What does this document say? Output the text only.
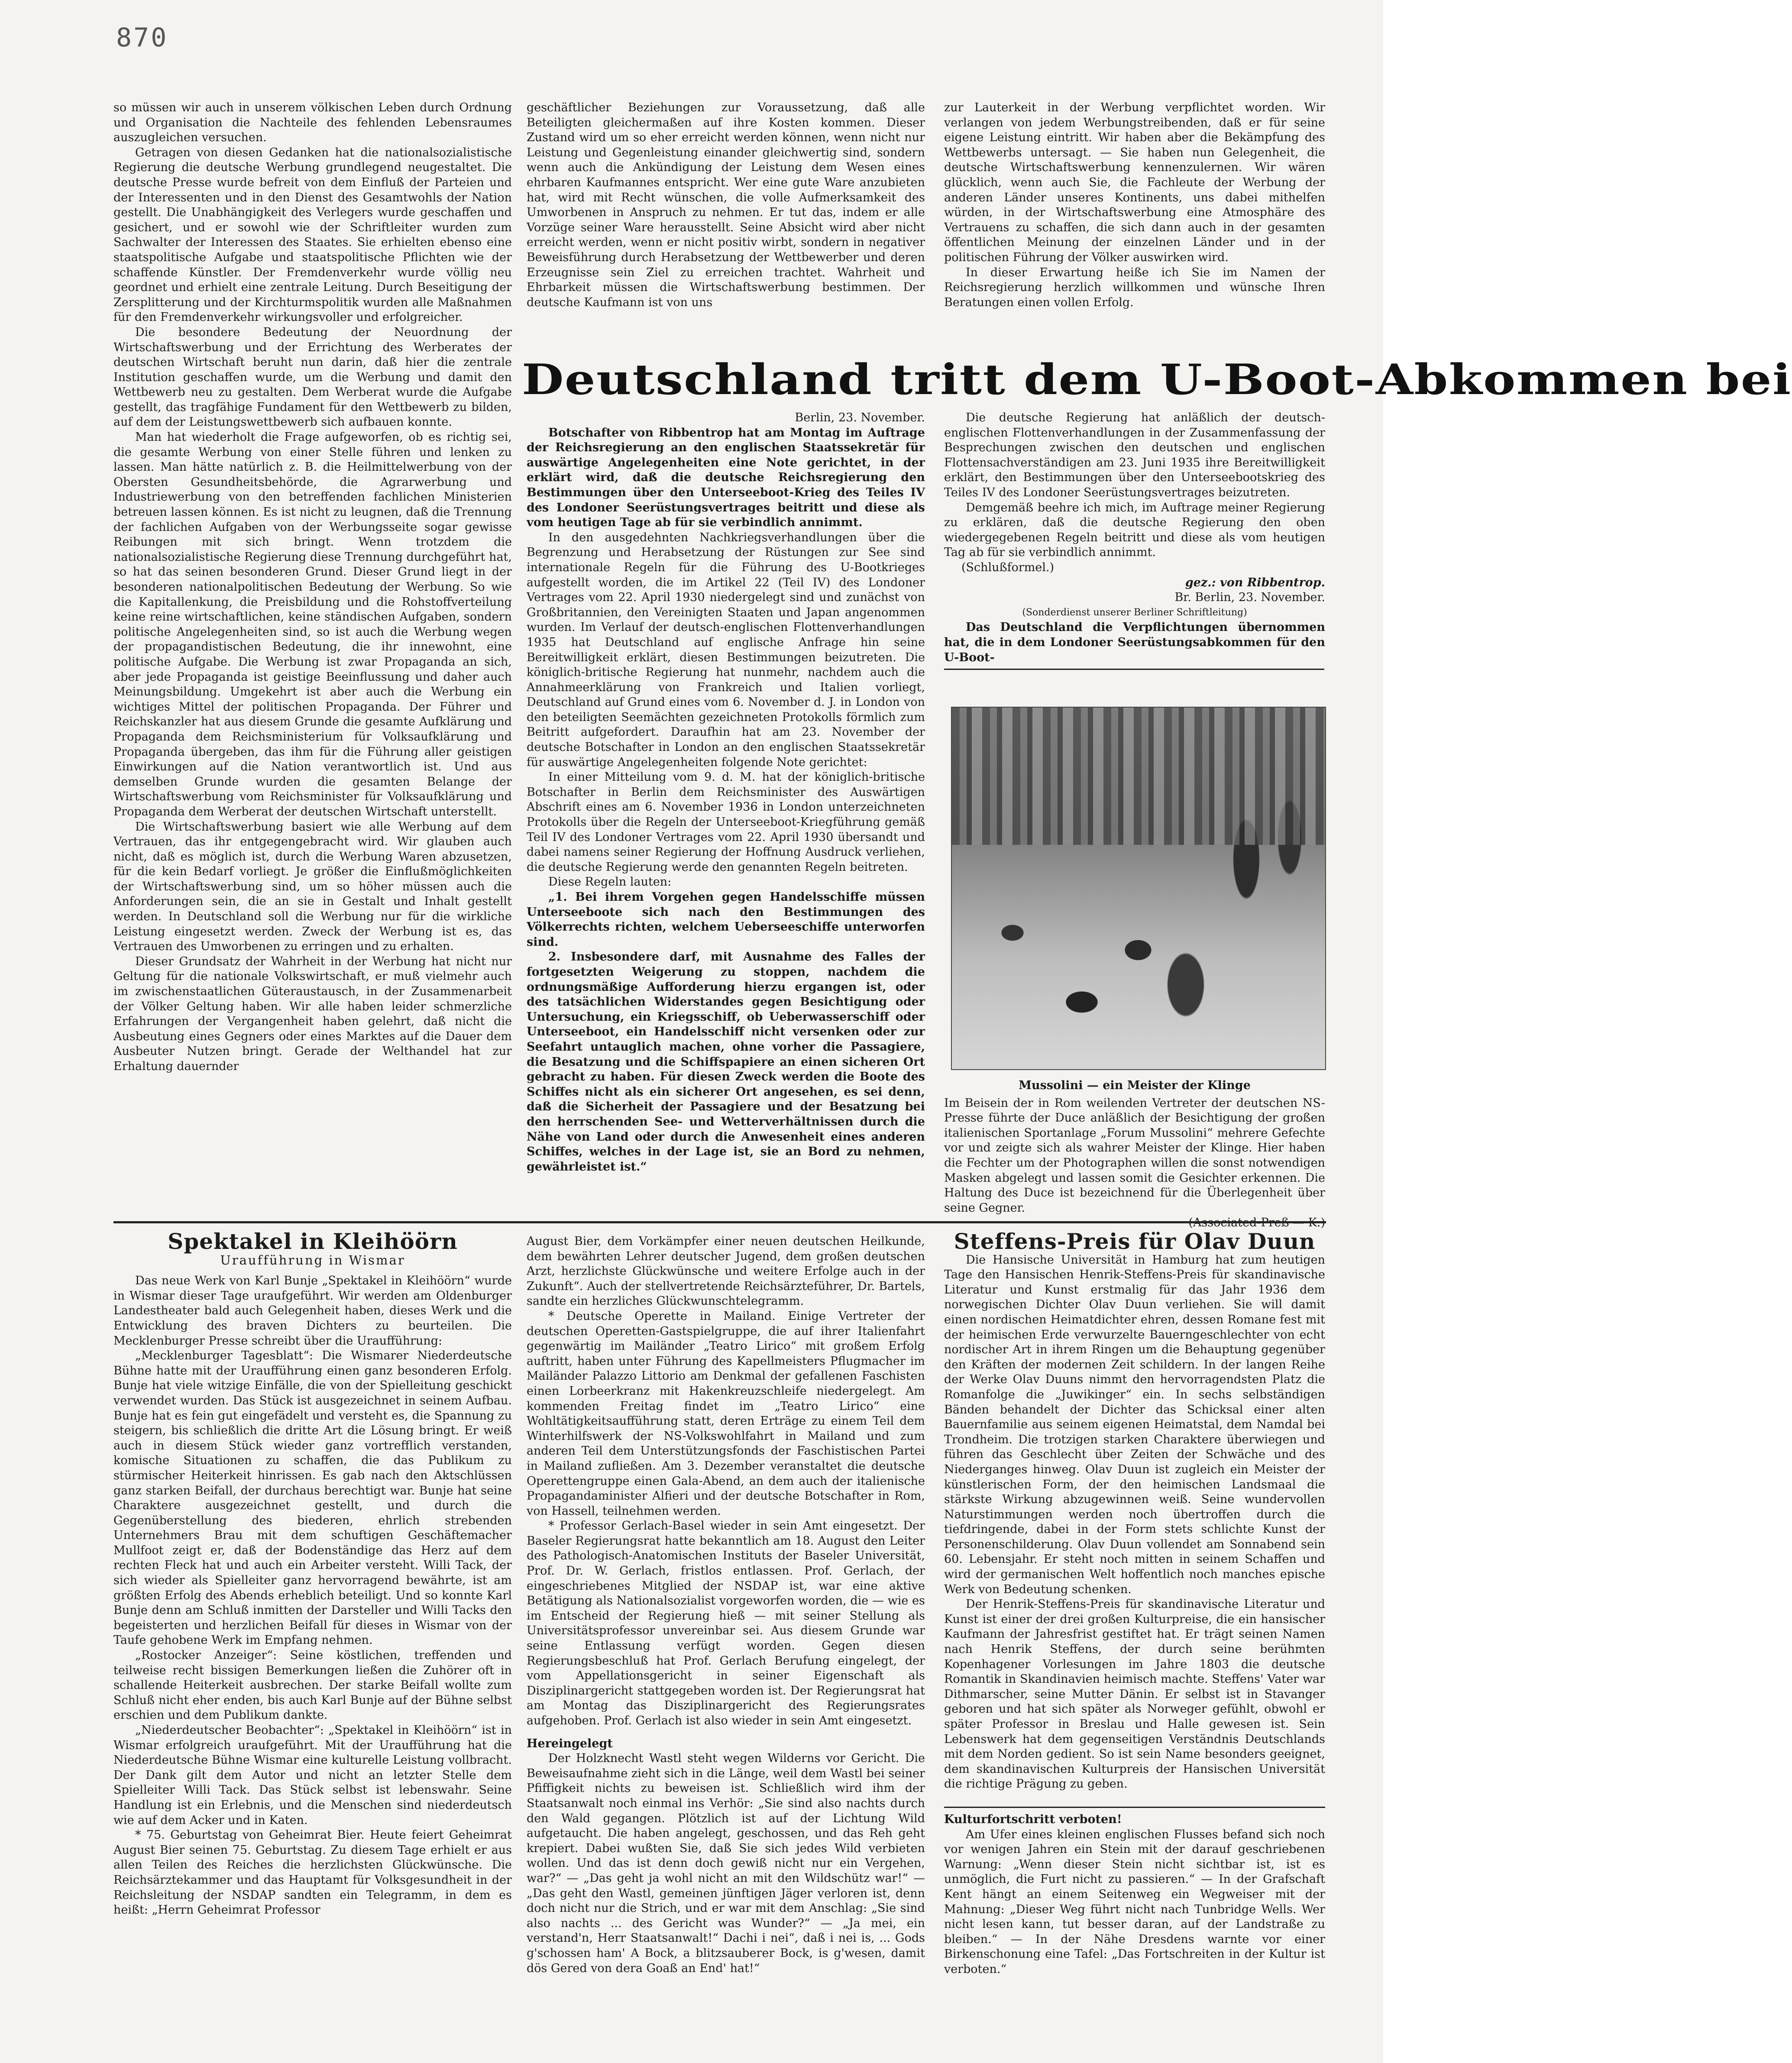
870

so müssen wir auch in unserem völkischen Leben durch Ordnung und Organisation die Nachteile des fehlenden Lebensraumes auszugleichen versuchen.

Getragen von diesen Gedanken hat die nationalsozialistische Regierung die deutsche Werbung grundlegend neugestaltet. Die deutsche Presse wurde befreit von dem Einfluß der Parteien und der Interessenten und in den Dienst des Gesamtwohls der Nation gestellt. Die Unabhängigkeit des Verlegers wurde geschaffen und gesichert, und er sowohl wie der Schriftleiter wurden zum Sachwalter der Interessen des Staates. Sie erhielten ebenso eine staatspolitische Aufgabe und staatspolitische Pflichten wie der schaffende Künstler. Der Fremdenverkehr wurde völlig neu geordnet und erhielt eine zentrale Leitung. Durch Beseitigung der Zersplitterung und der Kirchturmspolitik wurden alle Maßnahmen für den Fremdenverkehr wirkungsvoller und erfolgreicher.

Die besondere Bedeutung der Neuordnung der Wirtschaftswerbung und der Errichtung des Werberates der deutschen Wirtschaft beruht nun darin, daß hier die zentrale Institution geschaffen wurde, um die Werbung und damit den Wettbewerb neu zu gestalten. Dem Werberat wurde die Aufgabe gestellt, das tragfähige Fundament für den Wettbewerb zu bilden, auf dem der Leistungswettbewerb sich aufbauen konnte.

Man hat wiederholt die Frage aufgeworfen, ob es richtig sei, die gesamte Werbung von einer Stelle führen und lenken zu lassen. Man hätte natürlich z. B. die Heilmittelwerbung von der Obersten Gesundheitsbehörde, die Agrarwerbung und Industriewerbung von den betreffenden fachlichen Ministerien betreuen lassen können. Es ist nicht zu leugnen, daß die Trennung der fachlichen Aufgaben von der Werbungsseite sogar gewisse Reibungen mit sich bringt. Wenn trotzdem die nationalsozialistische Regierung diese Trennung durchgeführt hat, so hat das seinen besonderen Grund. Dieser Grund liegt in der besonderen nationalpolitischen Bedeutung der Werbung. So wie die Kapitallenkung, die Preisbildung und die Rohstoffverteilung keine reine wirtschaftlichen, keine ständischen Aufgaben, sondern politische Angelegenheiten sind, so ist auch die Werbung wegen der propagandistischen Bedeutung, die ihr innewohnt, eine politische Aufgabe. Die Werbung ist zwar Propaganda an sich, aber jede Propaganda ist geistige Beeinflussung und daher auch Meinungsbildung. Umgekehrt ist aber auch die Werbung ein wichtiges Mittel der politischen Propaganda. Der Führer und Reichskanzler hat aus diesem Grunde die gesamte Aufklärung und Propaganda dem Reichsministerium für Volksaufklärung und Propaganda übergeben, das ihm für die Führung aller geistigen Einwirkungen auf die Nation verantwortlich ist. Und aus demselben Grunde wurden die gesamten Belange der Wirtschaftswerbung vom Reichsminister für Volksaufklärung und Propaganda dem Werberat der deutschen Wirtschaft unterstellt.

Die Wirtschaftswerbung basiert wie alle Werbung auf dem Vertrauen, das ihr entgegengebracht wird. Wir glauben auch nicht, daß es möglich ist, durch die Werbung Waren abzusetzen, für die kein Bedarf vorliegt. Je größer die Einflußmöglichkeiten der Wirtschaftswerbung sind, um so höher müssen auch die Anforderungen sein, die an sie in Gestalt und Inhalt gestellt werden. In Deutschland soll die Werbung nur für die wirkliche Leistung eingesetzt werden. Zweck der Werbung ist es, das Vertrauen des Umworbenen zu erringen und zu erhalten.

Dieser Grundsatz der Wahrheit in der Werbung hat nicht nur Geltung für die nationale Volkswirtschaft, er muß vielmehr auch im zwischenstaatlichen Güteraustausch, in der Zusammenarbeit der Völker Geltung haben. Wir alle haben leider schmerzliche Erfahrungen der Vergangenheit haben gelehrt, daß nicht die Ausbeutung eines Gegners oder eines Marktes auf die Dauer dem Ausbeuter Nutzen bringt. Gerade der Welthandel hat zur Erhaltung dauernder

geschäftlicher Beziehungen zur Voraussetzung, daß alle Beteiligten gleichermaßen auf ihre Kosten kommen. Dieser Zustand wird um so eher erreicht werden können, wenn nicht nur Leistung und Gegenleistung einander gleichwertig sind, sondern wenn auch die Ankündigung der Leistung dem Wesen eines ehrbaren Kaufmannes entspricht. Wer eine gute Ware anzubieten hat, wird mit Recht wünschen, die volle Aufmerksamkeit des Umworbenen in Anspruch zu nehmen. Er tut das, indem er alle Vorzüge seiner Ware herausstellt. Seine Absicht wird aber nicht erreicht werden, wenn er nicht positiv wirbt, sondern in negativer Beweisführung durch Herabsetzung der Wettbewerber und deren Erzeugnisse sein Ziel zu erreichen trachtet. Wahrheit und Ehrbarkeit müssen die Wirtschaftswerbung bestimmen. Der deutsche Kaufmann ist von uns

zur Lauterkeit in der Werbung verpflichtet worden. Wir verlangen von jedem Werbungstreibenden, daß er für seine eigene Leistung eintritt. Wir haben aber die Bekämpfung des Wettbewerbs untersagt. — Sie haben nun Gelegenheit, die deutsche Wirtschaftswerbung kennenzulernen. Wir wären glücklich, wenn auch Sie, die Fachleute der Werbung der anderen Länder unseres Kontinents, uns dabei mithelfen würden, in der Wirtschaftswerbung eine Atmosphäre des Vertrauens zu schaffen, die sich dann auch in der gesamten öffentlichen Meinung der einzelnen Länder und in der politischen Führung der Völker auswirken wird.

In dieser Erwartung heiße ich Sie im Namen der Reichsregierung herzlich willkommen und wünsche Ihren Beratungen einen vollen Erfolg.

Deutschland tritt dem U-Boot-Abkommen bei
Berlin, 23. November.

Botschafter von Ribbentrop hat am Montag im Auftrage der Reichsregierung an den englischen Staatssekretär für auswärtige Angelegenheiten eine Note gerichtet, in der erklärt wird, daß die deutsche Reichsregierung den Bestimmungen über den Unterseeboot-Krieg des Teiles IV des Londoner Seerüstungsvertrages beitritt und diese als vom heutigen Tage ab für sie verbindlich annimmt.

In den ausgedehnten Nachkriegsverhandlungen über die Begrenzung und Herabsetzung der Rüstungen zur See sind internationale Regeln für die Führung des U-Bootkrieges aufgestellt worden, die im Artikel 22 (Teil IV) des Londoner Vertrages vom 22. April 1930 niedergelegt sind und zunächst von Großbritannien, den Vereinigten Staaten und Japan angenommen wurden. Im Verlauf der deutsch-englischen Flottenverhandlungen 1935 hat Deutschland auf englische Anfrage hin seine Bereitwilligkeit erklärt, diesen Bestimmungen beizutreten. Die königlich-britische Regierung hat nunmehr, nachdem auch die Annahmeerklärung von Frankreich und Italien vorliegt, Deutschland auf Grund eines vom 6. November d. J. in London von den beteiligten Seemächten gezeichneten Protokolls förmlich zum Beitritt aufgefordert. Daraufhin hat am 23. November der deutsche Botschafter in London an den englischen Staatssekretär für auswärtige Angelegenheiten folgende Note gerichtet:

In einer Mitteilung vom 9. d. M. hat der königlich-britische Botschafter in Berlin dem Reichsminister des Auswärtigen Abschrift eines am 6. November 1936 in London unterzeichneten Protokolls über die Regeln der Unterseeboot-Kriegführung gemäß Teil IV des Londoner Vertrages vom 22. April 1930 übersandt und dabei namens seiner Regierung der Hoffnung Ausdruck verliehen, die deutsche Regierung werde den genannten Regeln beitreten.

Diese Regeln lauten:

„1. Bei ihrem Vorgehen gegen Handelsschiffe müssen Unterseeboote sich nach den Bestimmungen des Völkerrechts richten, welchem Ueberseeschiffe unterworfen sind.

2. Insbesondere darf, mit Ausnahme des Falles der fortgesetzten Weigerung zu stoppen, nachdem die ordnungsmäßige Aufforderung hierzu ergangen ist, oder des tatsächlichen Widerstandes gegen Besichtigung oder Untersuchung, ein Kriegsschiff, ob Ueberwasserschiff oder Unterseeboot, ein Handelsschiff nicht versenken oder zur Seefahrt untauglich machen, ohne vorher die Passagiere, die Besatzung und die Schiffspapiere an einen sicheren Ort gebracht zu haben. Für diesen Zweck werden die Boote des Schiffes nicht als ein sicherer Ort angesehen, es sei denn, daß die Sicherheit der Passagiere und der Besatzung bei den herrschenden See- und Wetterverhältnissen durch die Nähe von Land oder durch die Anwesenheit eines anderen Schiffes, welches in der Lage ist, sie an Bord zu nehmen, gewährleistet ist.“

Die deutsche Regierung hat anläßlich der deutsch-englischen Flottenverhandlungen in der Zusammenfassung der Besprechungen zwischen den deutschen und englischen Flottensachverständigen am 23. Juni 1935 ihre Bereitwilligkeit erklärt, den Bestimmungen über den Unterseebootskrieg des Teiles IV des Londoner Seerüstungsvertrages beizutreten.

Demgemäß beehre ich mich, im Auftrage meiner Regierung zu erklären, daß die deutsche Regierung den oben wiedergegebenen Regeln beitritt und diese als vom heutigen Tag ab für sie verbindlich annimmt.

(Schlußformel.)
gez.: von Ribbentrop.
Br. Berlin, 23. November.
(Sonderdienst unserer Berliner Schriftleitung)

Das Deutschland die Verpflichtungen übernommen hat, die in dem Londoner Seerüstungsabkommen für den U-Boot-

Mussolini — ein Meister der Klinge
Im Beisein der in Rom weilenden Vertreter der deutschen NS-Presse führte der Duce anläßlich der Besichtigung der großen italienischen Sportanlage „Forum Mussolini“ mehrere Gefechte vor und zeigte sich als wahrer Meister der Klinge. Hier haben die Fechter um der Photographen willen die sonst notwendigen Masken abgelegt und lassen somit die Gesichter erkennen. Die Haltung des Duce ist bezeichnend für die Überlegenheit über seine Gegner.
Spektakel in Kleihöörn
Uraufführung in Wismar

Das neue Werk von Karl Bunje „Spektakel in Kleihöörn“ wurde in Wismar dieser Tage uraufgeführt. Wir werden am Oldenburger Landestheater bald auch Gelegenheit haben, dieses Werk und die Entwicklung des braven Dichters zu beurteilen. Die Mecklenburger Presse schreibt über die Uraufführung:

„Mecklenburger Tagesblatt“: Die Wismarer Niederdeutsche Bühne hatte mit der Uraufführung einen ganz besonderen Erfolg. Bunje hat viele witzige Einfälle, die von der Spielleitung geschickt verwendet wurden. Das Stück ist ausgezeichnet in seinem Aufbau. Bunje hat es fein gut eingefädelt und versteht es, die Spannung zu steigern, bis schließlich die dritte Art die Lösung bringt. Er weiß auch in diesem Stück wieder ganz vortrefflich verstanden, komische Situationen zu schaffen, die das Publikum zu stürmischer Heiterkeit hinrissen. Es gab nach den Aktschlüssen ganz starken Beifall, der durchaus berechtigt war. Bunje hat seine Charaktere ausgezeichnet gestellt, und durch die Gegenüberstellung des biederen, ehrlich strebenden Unternehmers Brau mit dem schuftigen Geschäftemacher Mullfoot zeigt er, daß der Bodenständige das Herz auf dem rechten Fleck hat und auch ein Arbeiter versteht. Willi Tack, der sich wieder als Spielleiter ganz hervorragend bewährte, ist am größten Erfolg des Abends erheblich beteiligt. Und so konnte Karl Bunje denn am Schluß inmitten der Darsteller und Willi Tacks den begeisterten und herzlichen Beifall für dieses in Wismar von der Taufe gehobene Werk im Empfang nehmen.

„Rostocker Anzeiger“: Seine köstlichen, treffenden und teilweise recht bissigen Bemerkungen ließen die Zuhörer oft in schallende Heiterkeit ausbrechen. Der starke Beifall wollte zum Schluß nicht eher enden, bis auch Karl Bunje auf der Bühne selbst erschien und dem Publikum dankte.

„Niederdeutscher Beobachter“: „Spektakel in Kleihöörn“ ist in Wismar erfolgreich uraufgeführt. Mit der Uraufführung hat die Niederdeutsche Bühne Wismar eine kulturelle Leistung vollbracht. Der Dank gilt dem Autor und nicht an letzter Stelle dem Spielleiter Willi Tack. Das Stück selbst ist lebenswahr. Seine Handlung ist ein Erlebnis, und die Menschen sind niederdeutsch wie auf dem Acker und in Katen.

* 75. Geburtstag von Geheimrat Bier. Heute feiert Geheimrat August Bier seinen 75. Geburtstag. Zu diesem Tage erhielt er aus allen Teilen des Reiches die herzlichsten Glückwünsche. Die Reichsärztekammer und das Hauptamt für Volksgesundheit in der Reichsleitung der NSDAP sandten ein Telegramm, in dem es heißt: „Herrn Geheimrat Professor

August Bier, dem Vorkämpfer einer neuen deutschen Heilkunde, dem bewährten Lehrer deutscher Jugend, dem großen deutschen Arzt, herzlichste Glückwünsche und weitere Erfolge auch in der Zukunft“. Auch der stellvertretende Reichsärzteführer, Dr. Bartels, sandte ein herzliches Glückwunschtelegramm.

* Deutsche Operette in Mailand. Einige Vertreter der deutschen Operetten-Gastspielgruppe, die auf ihrer Italienfahrt gegenwärtig im Mailänder „Teatro Lirico“ mit großem Erfolg auftritt, haben unter Führung des Kapellmeisters Pflugmacher im Mailänder Palazzo Littorio am Denkmal der gefallenen Faschisten einen Lorbeerkranz mit Hakenkreuzschleife niedergelegt. Am kommenden Freitag findet im „Teatro Lirico“ eine Wohltätigkeitsaufführung statt, deren Erträge zu einem Teil dem Winterhilfswerk der NS-Volkswohlfahrt in Mailand und zum anderen Teil dem Unterstützungsfonds der Faschistischen Partei in Mailand zufließen. Am 3. Dezember veranstaltet die deutsche Operettengruppe einen Gala-Abend, an dem auch der italienische Propagandaminister Alfieri und der deutsche Botschafter in Rom, von Hassell, teilnehmen werden.

* Professor Gerlach-Basel wieder in sein Amt eingesetzt. Der Baseler Regierungsrat hatte bekanntlich am 18. August den Leiter des Pathologisch-Anatomischen Instituts der Baseler Universität, Prof. Dr. W. Gerlach, fristlos entlassen. Prof. Gerlach, der eingeschriebenes Mitglied der NSDAP ist, war eine aktive Betätigung als Nationalsozialist vorgeworfen worden, die — wie es im Entscheid der Regierung hieß — mit seiner Stellung als Universitätsprofessor unvereinbar sei. Aus diesem Grunde war seine Entlassung verfügt worden. Gegen diesen Regierungsbeschluß hat Prof. Gerlach Berufung eingelegt, der vom Appellationsgericht in seiner Eigenschaft als Disziplinargericht stattgegeben worden ist. Der Regierungsrat hat am Montag das Disziplinargericht des Regierungsrates aufgehoben. Prof. Gerlach ist also wieder in sein Amt eingesetzt.

Hereingelegt

Der Holzknecht Wastl steht wegen Wilderns vor Gericht. Die Beweisaufnahme zieht sich in die Länge, weil dem Wastl bei seiner Pfiffigkeit nichts zu beweisen ist. Schließlich wird ihm der Staatsanwalt noch einmal ins Verhör: „Sie sind also nachts durch den Wald gegangen. Plötzlich ist auf der Lichtung Wild aufgetaucht. Die haben angelegt, geschossen, und das Reh geht krepiert. Dabei wußten Sie, daß Sie sich jedes Wild verbieten wollen. Und das ist denn doch gewiß nicht nur ein Vergehen, war?“ — „Das geht ja wohl nicht an mit den Wildschütz war!“ — „Das geht den Wastl, gemeinen jünftigen Jäger verloren ist, denn doch nicht nur die Strich, und er war mit dem Anschlag: „Sie sind also nachts ... des Gericht was Wunder?“ — „Ja mei, ein verstand'n, Herr Staatsanwalt!“ Dachi i nei“, daß i nei is, ... Gods g'schossen ham' A Bock, a blitzsauberer Bock, is g'wesen, damit dös Gered von dera Goaß an End' hat!“

Steffens-Preis für Olav Duun

Die Hansische Universität in Hamburg hat zum heutigen Tage den Hansischen Henrik-Steffens-Preis für skandinavische Literatur und Kunst erstmalig für das Jahr 1936 dem norwegischen Dichter Olav Duun verliehen. Sie will damit einen nordischen Heimatdichter ehren, dessen Romane fest mit der heimischen Erde verwurzelte Bauerngeschlechter von echt nordischer Art in ihrem Ringen um die Behauptung gegenüber den Kräften der modernen Zeit schildern. In der langen Reihe der Werke Olav Duuns nimmt den hervorragendsten Platz die Romanfolge die „Juwikinger“ ein. In sechs selbständigen Bänden behandelt der Dichter das Schicksal einer alten Bauernfamilie aus seinem eigenen Heimatstal, dem Namdal bei Trondheim. Die trotzigen starken Charaktere überwiegen und führen das Geschlecht über Zeiten der Schwäche und des Niederganges hinweg. Olav Duun ist zugleich ein Meister der künstlerischen Form, der den heimischen Landsmaal die stärkste Wirkung abzugewinnen weiß. Seine wundervollen Naturstimmungen werden noch übertroffen durch die tiefdringende, dabei in der Form stets schlichte Kunst der Personenschilderung. Olav Duun vollendet am Sonnabend sein 60. Lebensjahr. Er steht noch mitten in seinem Schaffen und wird der germanischen Welt hoffentlich noch manches epische Werk von Bedeutung schenken.

Der Henrik-Steffens-Preis für skandinavische Literatur und Kunst ist einer der drei großen Kulturpreise, die ein hansischer Kaufmann der Jahresfrist gestiftet hat. Er trägt seinen Namen nach Henrik Steffens, der durch seine berühmten Kopenhagener Vorlesungen im Jahre 1803 die deutsche Romantik in Skandinavien heimisch machte. Steffens' Vater war Dithmarscher, seine Mutter Dänin. Er selbst ist in Stavanger geboren und hat sich später als Norweger gefühlt, obwohl er später Professor in Breslau und Halle gewesen ist. Sein Lebenswerk hat dem gegenseitigen Verständnis Deutschlands mit dem Norden gedient. So ist sein Name besonders geeignet, dem skandinavischen Kulturpreis der Hansischen Universität die richtige Prägung zu geben.

Kulturfortschritt verboten!

Am Ufer eines kleinen englischen Flusses befand sich noch vor wenigen Jahren ein Stein mit der darauf geschriebenen Warnung: „Wenn dieser Stein nicht sichtbar ist, ist es unmöglich, die Furt nicht zu passieren.“ — In der Grafschaft Kent hängt an einem Seitenweg ein Wegweiser mit der Mahnung: „Dieser Weg führt nicht nach Tunbridge Wells. Wer nicht lesen kann, tut besser daran, auf der Landstraße zu bleiben.“ — In der Nähe Dresdens warnte vor einer Birkenschonung eine Tafel: „Das Fortschreiten in der Kultur ist verboten.“
